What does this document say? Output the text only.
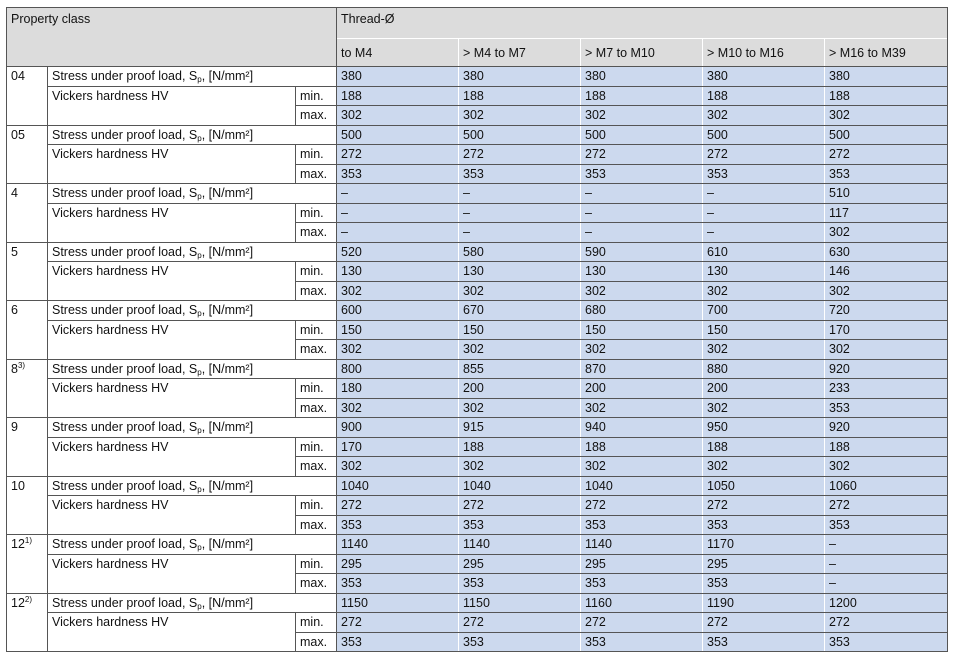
Property class			Thread-Ø				
			to M4	> M4 to M7	> M7 to M10	> M10 to M16	> M16 to M39
04	Stress under proof load, $S_p$, [N/mm²]		380	380	380	380	380
	Vickers hardness HV	min.	188	188	188	188	188
		max.	302	302	302	302	302
05	Stress under proof load, $S_p$, [N/mm²]		500	500	500	500	500
	Vickers hardness HV	min.	272	272	272	272	272
		max.	353	353	353	353	353
4	Stress under proof load, $S_p$, [N/mm²]		–	–	–	–	510
	Vickers hardness HV	min.	–	–	–	–	117
		max.	–	–	–	–	302
5	Stress under proof load, $S_p$, [N/mm²]		520	580	590	610	630
	Vickers hardness HV	min.	130	130	130	130	146
		max.	302	302	302	302	302
6	Stress under proof load, $S_p$, [N/mm²]		600	670	680	700	720
	Vickers hardness HV	min.	150	150	150	150	170
		max.	302	302	302	302	302
8$^{3)}$	Stress under proof load, $S_p$, [N/mm²]		800	855	870	880	920
	Vickers hardness HV	min.	180	200	200	200	233
		max.	302	302	302	302	353
9	Stress under proof load, $S_p$, [N/mm²]		900	915	940	950	920
	Vickers hardness HV	min.	170	188	188	188	188
		max.	302	302	302	302	302
10	Stress under proof load, $S_p$, [N/mm²]		1040	1040	1040	1050	1060
	Vickers hardness HV	min.	272	272	272	272	272
		max.	353	353	353	353	353
12$^{1)}$	Stress under proof load, $S_p$, [N/mm²]		1140	1140	1140	1170	–
	Vickers hardness HV	min.	295	295	295	295	–
		max.	353	353	353	353	–
12$^{2)}$	Stress under proof load, $S_p$, [N/mm²]		1150	1150	1160	1190	1200
	Vickers hardness HV	min.	272	272	272	272	272
		max.	353	353	353	353	353
